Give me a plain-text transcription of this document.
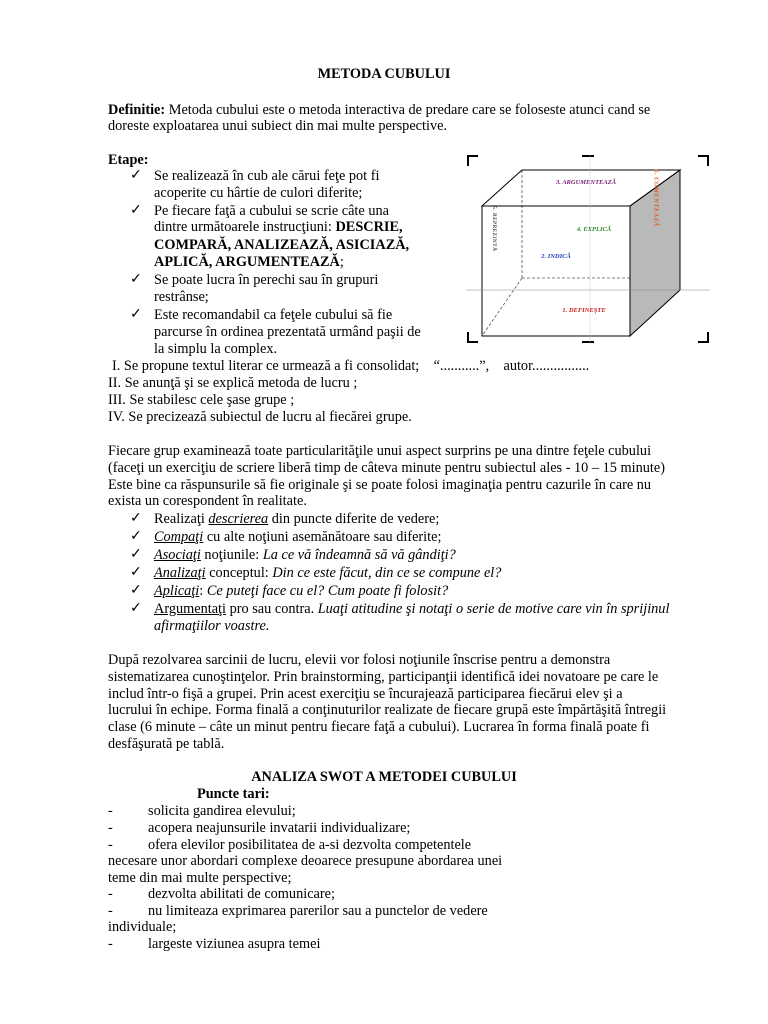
METODA CUBULUI
Definitie: Metoda cubului este o metoda interactiva de predare care se foloseste atunci cand se
doreste exploatarea unui subiect din mai multe perspective.
Etape:
✓ Se realizează în cub ale cărui feţe pot fi
acoperite cu hârtie de culori diferite;
✓ Pe fiecare faţă a cubului se scrie câte una
dintre următoarele instrucţiuni: DESCRIE,
COMPARĂ, ANALIZEAZĂ, ASICIAZĂ,
APLICĂ, ARGUMENTEAZĂ;
✓ Se poate lucra în perechi sau în grupuri
restrânse;
✓ Este recomandabil ca feţele cubului să fie
parcurse în ordinea prezentată urmând paşii de
la simplu la complex.
3. ARGUMENTEAZĂ
4. EXPLICĂ
2. INDICĂ
1. DEFINEŞTE
6. COMENTEAZĂ
5. REPREZINTĂ
I. Se propune textul literar ce urmează a fi consolidat; “...........”, autor................
II. Se anunţă şi se explică metoda de lucru ;
III. Se stabilesc cele şase grupe ;
IV. Se precizează subiectul de lucru al fiecărei grupe.
Fiecare grup examinează toate particularităţile unui aspect surprins pe una dintre feţele cubului
(faceţi un exerciţiu de scriere liberă timp de câteva minute pentru subiectul ales - 10 – 15 minute)
Este bine ca răspunsurile să fie originale şi se poate folosi imaginaţia pentru cazurile în care nu
exista un corespondent în realitate.
✓ Realizaţi descrierea din puncte diferite de vedere;
✓ Compaţi cu alte noţiuni asemănătoare sau diferite;
✓ Asociaţi noţiunile: La ce vă îndeamnă să vă gândiţi?
✓ Analizaţi conceptul: Din ce este făcut, din ce se compune el?
✓ Aplicaţi: Ce puteţi face cu el? Cum poate fi folosit?
✓ Argumentaţi pro sau contra. Luaţi atitudine şi notaţi o serie de motive care vin în sprijinul
afirmaţiilor voastre.
După rezolvarea sarcinii de lucru, elevii vor folosi noţiunile înscrise pentru a demonstra
sistematizarea cunoştinţelor. Prin brainstorming, participanţii identifică idei novatoare pe care le
includ într-o fişă a grupei. Prin acest exerciţiu se încurajează participarea fiecărui elev şi a
lucrului în echipe. Forma finală a conţinuturilor realizate de fiecare grupă este împărtăşită întregii
clase (6 minute – câte un minut pentru fiecare faţă a cubului). Lucrarea în forma finală poate fi
desfăşurată pe tablă.
ANALIZA SWOT A METODEI CUBULUI
Puncte tari:
- solicita gandirea elevului;
- acopera neajunsurile invatarii individualizare;
- ofera elevilor posibilitatea de a-si dezvolta competentele
necesare unor abordari complexe deoarece presupune abordarea unei
teme din mai multe perspective;
- dezvolta abilitati de comunicare;
- nu limiteaza exprimarea parerilor sau a punctelor de vedere
individuale;
- largeste viziunea asupra temei
